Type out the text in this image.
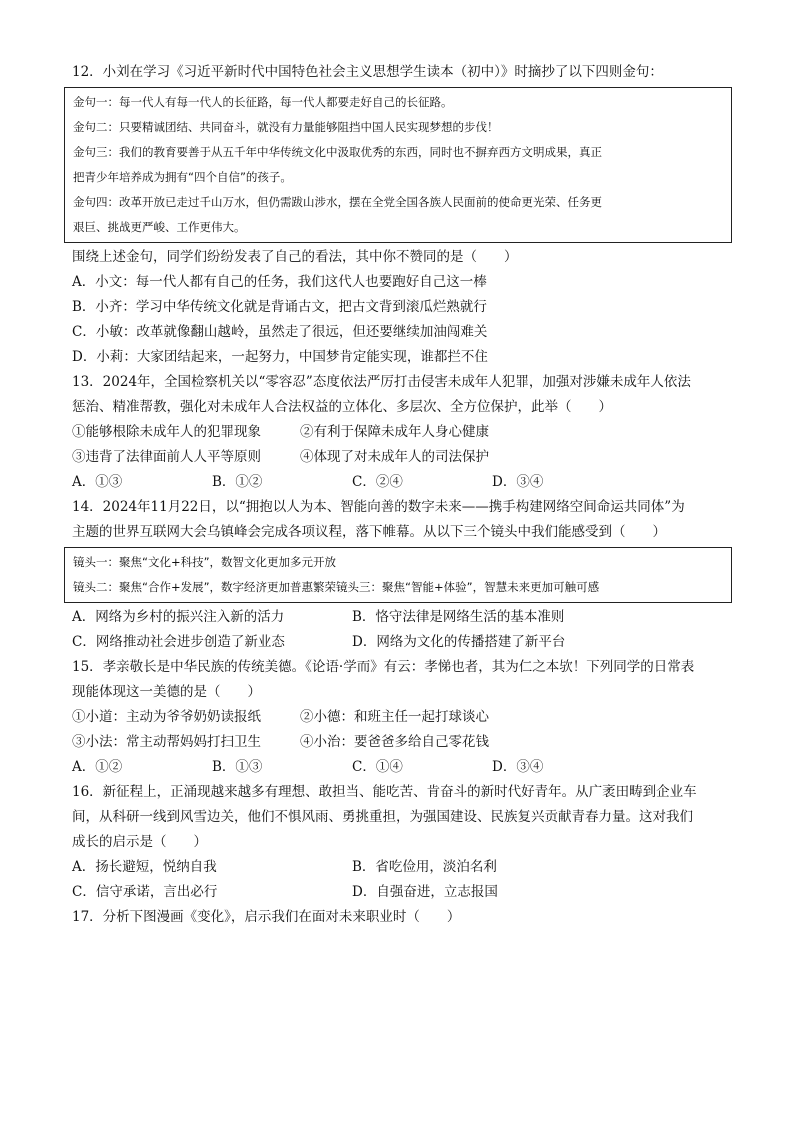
12．小刘在学习《习近平新时代中国特色社会主义思想学生读本（初中）》时摘抄了以下四则金句：
金句一：每一代人有每一代人的长征路，每一代人都要走好自己的长征路。
金句二：只要精诚团结、共同奋斗，就没有力量能够阻挡中国人民实现梦想的步伐！
金句三：我们的教育要善于从五千年中华传统文化中汲取优秀的东西，同时也不摒弃西方文明成果，真正
把青少年培养成为拥有“四个自信”的孩子。
金句四：改革开放已走过千山万水，但仍需跋山涉水，摆在全党全国各族人民面前的使命更光荣、任务更
艰巨、挑战更严峻、工作更伟大。
围绕上述金句，同学们纷纷发表了自己的看法，其中你不赞同的是（　　）
A．小文：每一代人都有自己的任务，我们这代人也要跑好自己这一棒
B．小齐：学习中华传统文化就是背诵古文，把古文背到滚瓜烂熟就行
C．小敏：改革就像翻山越岭，虽然走了很远，但还要继续加油闯难关
D．小莉：大家团结起来，一起努力，中国梦肯定能实现，谁都拦不住
13．2024年，全国检察机关以“零容忍”态度依法严厉打击侵害未成年人犯罪，加强对涉嫌未成年人依法
惩治、精准帮教，强化对未成年人合法权益的立体化、多层次、全方位保护，此举（　　）
①能够根除未成年人的犯罪现象	②有利于保障未成年人身心健康
③违背了法律面前人人平等原则	④体现了对未成年人的司法保护
A．①③	B．①②	C．②④	D．③④
14．2024年11月22日，以“拥抱以人为本、智能向善的数字未来——携手构建网络空间命运共同体”为
主题的世界互联网大会乌镇峰会完成各项议程，落下帷幕。从以下三个镜头中我们能感受到（　　）
镜头一：聚焦“文化+科技”，数智文化更加多元开放
镜头二：聚焦“合作+发展”，数字经济更加普惠繁荣镜头三：聚焦“智能+体验”，智慧未来更加可触可感
A．网络为乡村的振兴注入新的活力	B．恪守法律是网络生活的基本准则
C．网络推动社会进步创造了新业态	D．网络为文化的传播搭建了新平台
15．孝亲敬长是中华民族的传统美德。《论语·学而》有云：孝悌也者，其为仁之本欤！下列同学的日常表
现能体现这一美德的是（　　）
①小道：主动为爷爷奶奶读报纸	②小德：和班主任一起打球谈心
③小法：常主动帮妈妈打扫卫生	④小治：要爸爸多给自己零花钱
A．①②	B．①③	C．①④	D．③④
16．新征程上，正涌现越来越多有理想、敢担当、能吃苦、肯奋斗的新时代好青年。从广袤田畴到企业车
间，从科研一线到风雪边关，他们不惧风雨、勇挑重担，为强国建设、民族复兴贡献青春力量。这对我们
成长的启示是（　　）
A．扬长避短，悦纳自我	B．省吃俭用，淡泊名利
C．信守承诺，言出必行	D．自强奋进，立志报国
17．分析下图漫画《变化》，启示我们在面对未来职业时（　　）
